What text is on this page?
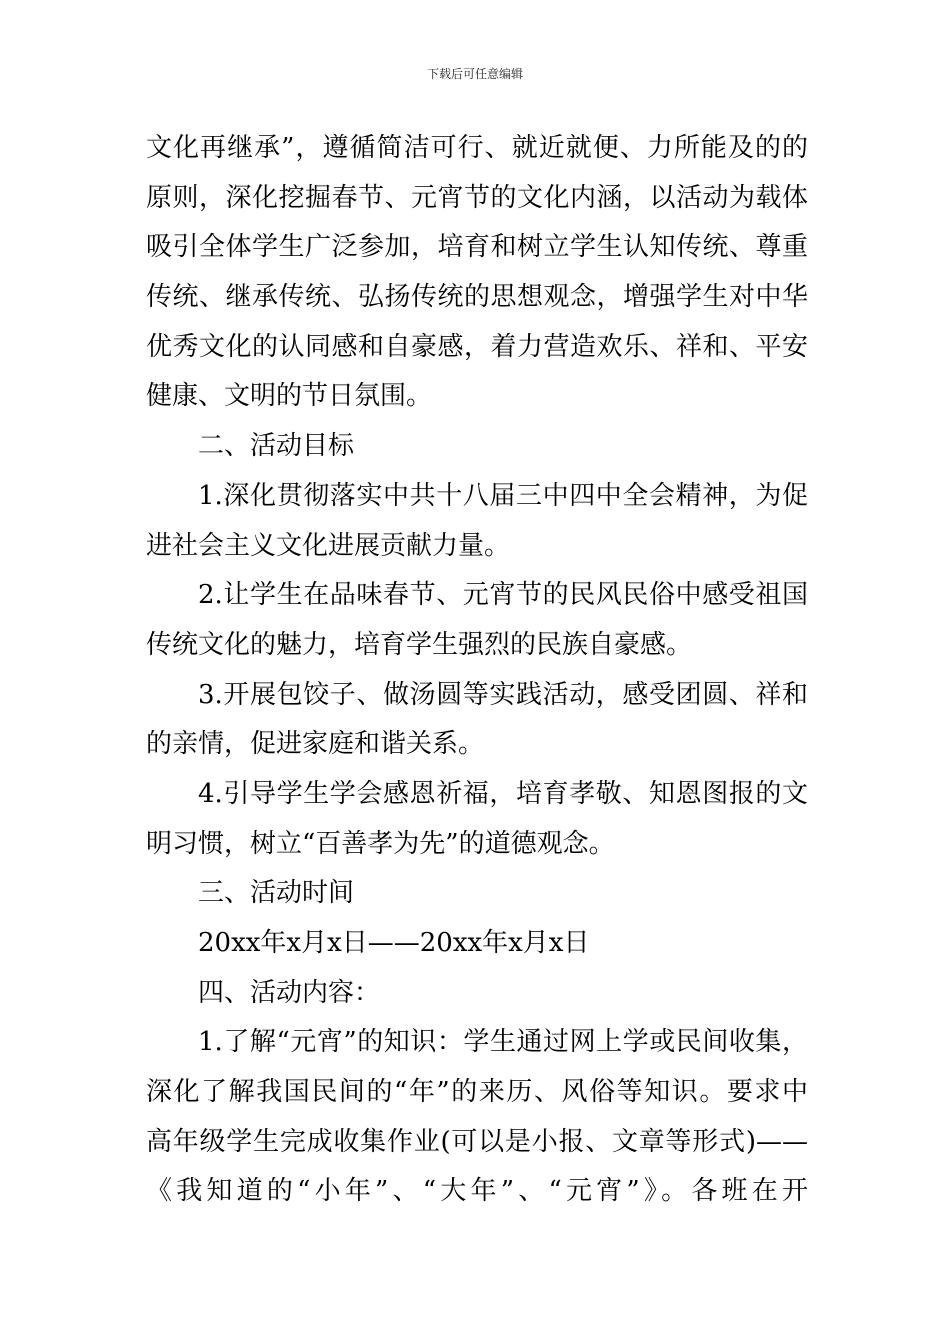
下载后可任意编辑
文化再继承”，遵循简洁可行、就近就便、力所能及的的
原则，深化挖掘春节、元宵节的文化内涵，以活动为载体
吸引全体学生广泛参加，培育和树立学生认知传统、尊重
传统、继承传统、弘扬传统的思想观念，增强学生对中华
优秀文化的认同感和自豪感，着力营造欢乐、祥和、平安
健康、文明的节日氛围。
二、活动目标
1.深化贯彻落实中共十八届三中四中全会精神，为促
进社会主义文化进展贡献力量。
2.让学生在品味春节、元宵节的民风民俗中感受祖国
传统文化的魅力，培育学生强烈的民族自豪感。
3.开展包饺子、做汤圆等实践活动，感受团圆、祥和
的亲情，促进家庭和谐关系。
4.引导学生学会感恩祈福，培育孝敬、知恩图报的文
明习惯，树立“百善孝为先”的道德观念。
三、活动时间
20xx年x月x日——20xx年x月x日
四、活动内容：
1.了解“元宵”的知识：学生通过网上学或民间收集，
深化了解我国民间的“年”的来历、风俗等知识。要求中
高年级学生完成收集作业(可以是小报、文章等形式)——
《我知道的“小年”、“大年”、“元宵”》。各班在开
